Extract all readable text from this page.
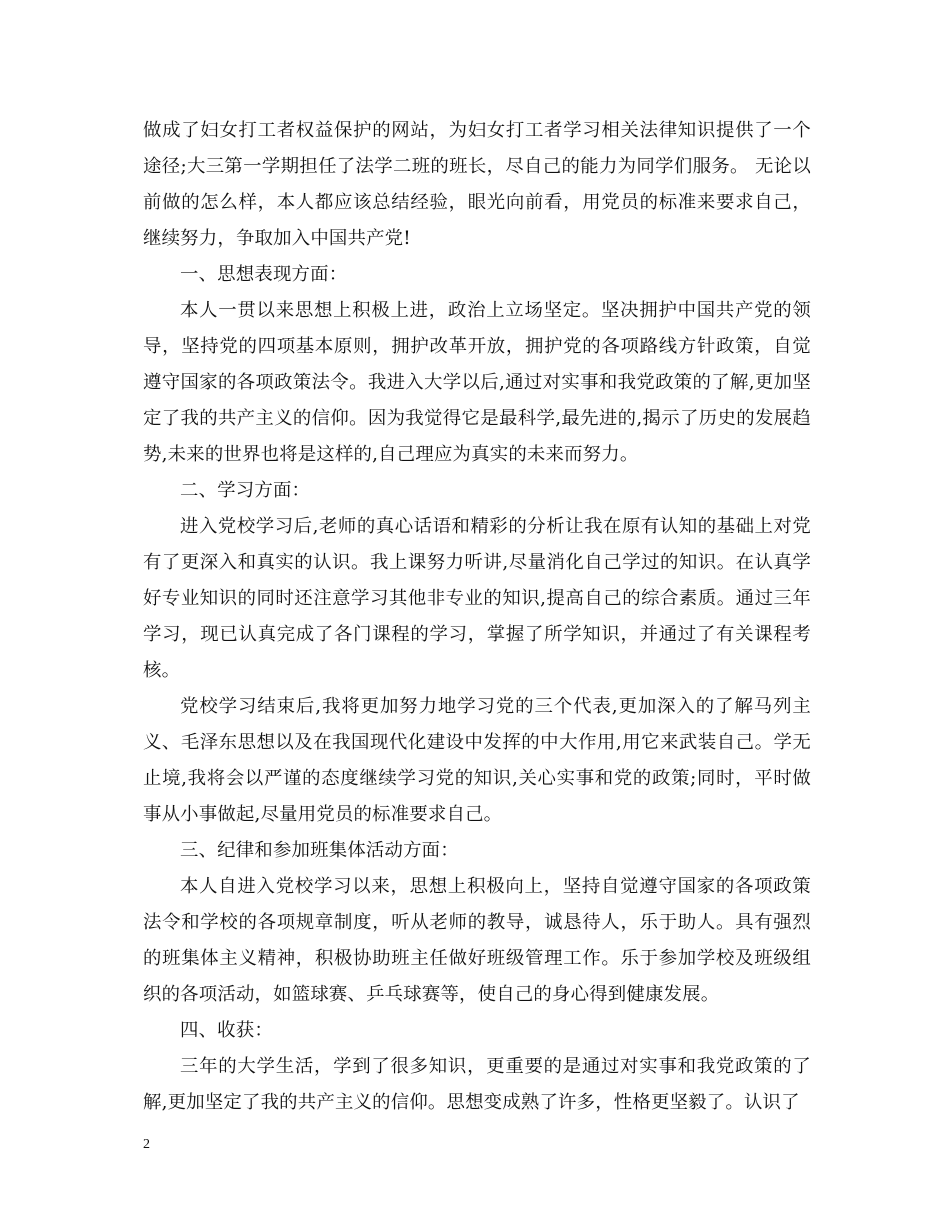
做成了妇女打工者权益保护的网站，为妇女打工者学习相关法律知识提供了一个途径;大三第一学期担任了法学二班的班长，尽自己的能力为同学们服务。 无论以前做的怎么样，本人都应该总结经验，眼光向前看，用党员的标准来要求自己，继续努力，争取加入中国共产党!

一、思想表现方面：

本人一贯以来思想上积极上进，政治上立场坚定。坚决拥护中国共产党的领导，坚持党的四项基本原则，拥护改革开放，拥护党的各项路线方针政策，自觉遵守国家的各项政策法令。我进入大学以后,通过对实事和我党政策的了解,更加坚定了我的共产主义的信仰。因为我觉得它是最科学,最先进的,揭示了历史的发展趋势,未来的世界也将是这样的,自己理应为真实的未来而努力。

二、学习方面：

进入党校学习后,老师的真心话语和精彩的分析让我在原有认知的基础上对党有了更深入和真实的认识。我上课努力听讲,尽量消化自己学过的知识。在认真学好专业知识的同时还注意学习其他非专业的知识,提高自己的综合素质。通过三年学习，现已认真完成了各门课程的学习，掌握了所学知识，并通过了有关课程考核。

党校学习结束后,我将更加努力地学习党的三个代表,更加深入的了解马列主义、毛泽东思想以及在我国现代化建设中发挥的中大作用,用它来武装自己。学无止境,我将会以严谨的态度继续学习党的知识,关心实事和党的政策;同时，平时做事从小事做起,尽量用党员的标准要求自己。

三、纪律和参加班集体活动方面：

本人自进入党校学习以来，思想上积极向上，坚持自觉遵守国家的各项政策法令和学校的各项规章制度，听从老师的教导，诚恳待人，乐于助人。具有强烈的班集体主义精神，积极协助班主任做好班级管理工作。乐于参加学校及班级组织的各项活动，如篮球赛、乒乓球赛等，使自己的身心得到健康发展。

四、收获：

三年的大学生活，学到了很多知识，更重要的是通过对实事和我党政策的了解,更加坚定了我的共产主义的信仰。思想变成熟了许多，性格更坚毅了。认识了

2
